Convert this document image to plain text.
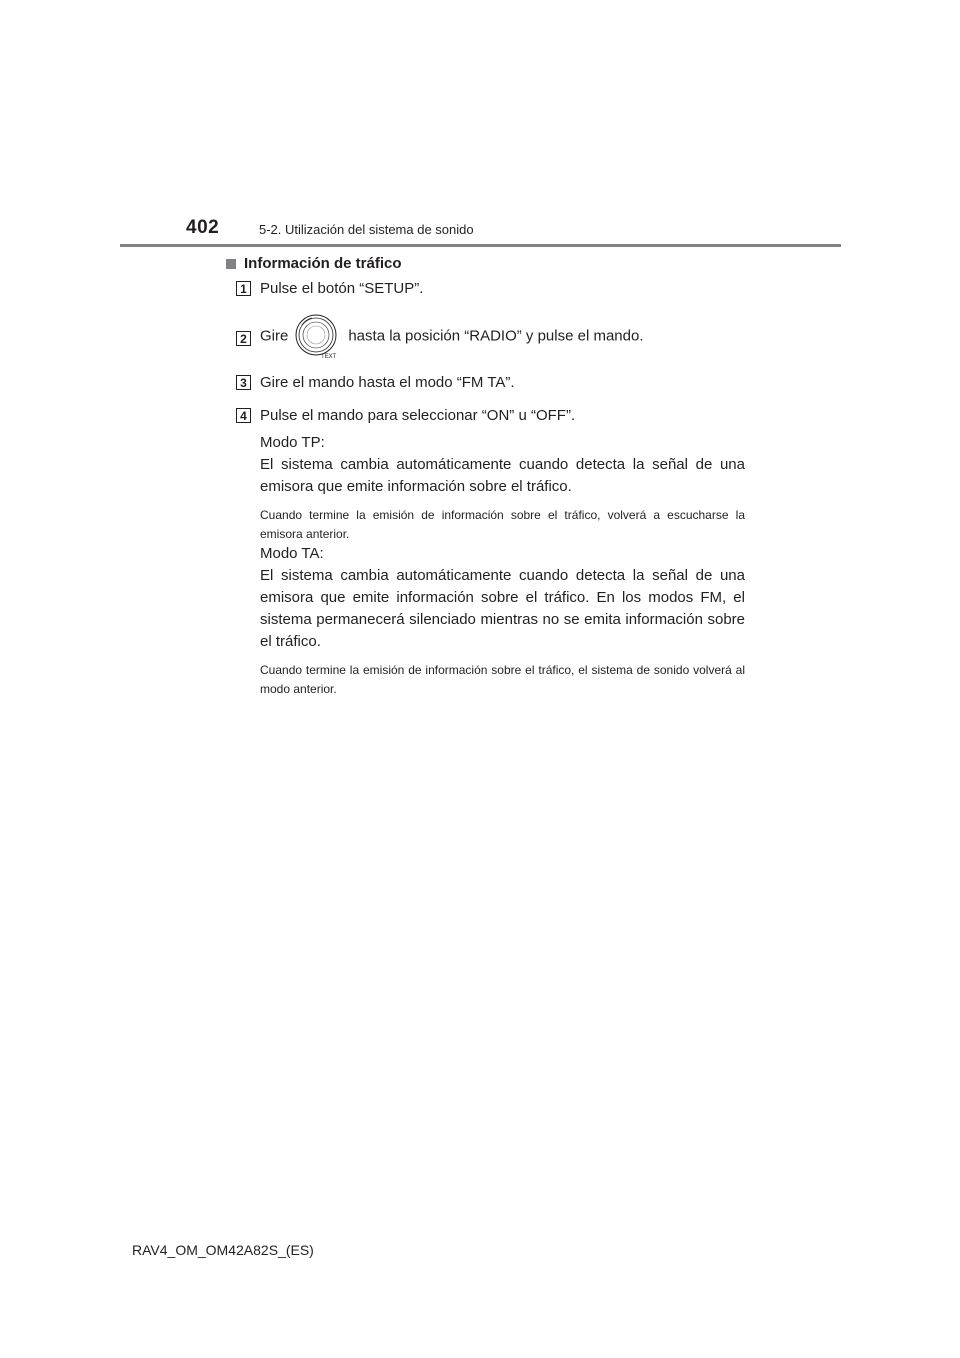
402	5-2. Utilización del sistema de sonido
Información de tráfico
1 Pulse el botón “SETUP”.
2 Gire
TEXT
hasta la posición “RADIO” y pulse el mando.
3 Gire el mando hasta el modo “FM TA”.
4 Pulse el mando para seleccionar “ON” u “OFF”.

Modo TP:

El sistema cambia automáticamente cuando detecta la señal de una emisora que emite información sobre el tráfico.

Cuando termine la emisión de información sobre el tráfico, volverá a escucharse la emisora anterior.

Modo TA:

El sistema cambia automáticamente cuando detecta la señal de una emisora que emite información sobre el tráfico. En los modos FM, el sistema permanecerá silenciado mientras no se emita información sobre el tráfico.

Cuando termine la emisión de información sobre el tráfico, el sistema de sonido volverá al modo anterior.

RAV4_OM_OM42A82S_(ES)
